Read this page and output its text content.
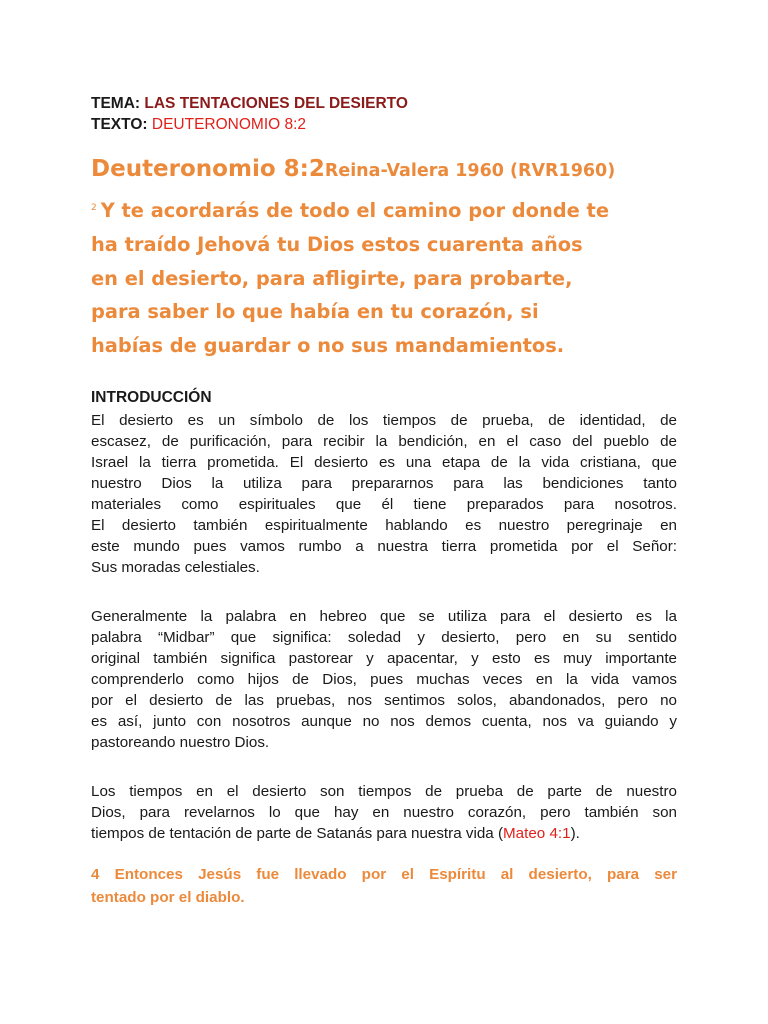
TEMA: LAS TENTACIONES DEL DESIERTO
TEXTO: DEUTERONOMIO 8:2
Deuteronomio 8:2Reina-Valera 1960 (RVR1960)
$^2$ Y te acordarás de todo el camino por donde te
ha traído Jehová tu Dios estos cuarenta años
en el desierto, para afligirte, para probarte,
para saber lo que había en tu corazón, si
habías de guardar o no sus mandamientos.
INTRODUCCIÓN
El desierto es un símbolo de los tiempos de prueba, de identidad, de
escasez, de purificación, para recibir la bendición, en el caso del pueblo de
Israel la tierra prometida. El desierto es una etapa de la vida cristiana, que
nuestro Dios la utiliza para prepararnos para las bendiciones tanto
materiales como espirituales que él tiene preparados para nosotros.
El desierto también espiritualmente hablando es nuestro peregrinaje en
este mundo pues vamos rumbo a nuestra tierra prometida por el Señor:
Sus moradas celestiales.
Generalmente la palabra en hebreo que se utiliza para el desierto es la
palabra “Midbar” que significa: soledad y desierto, pero en su sentido
original también significa pastorear y apacentar, y esto es muy importante
comprenderlo como hijos de Dios, pues muchas veces en la vida vamos
por el desierto de las pruebas, nos sentimos solos, abandonados, pero no
es así, junto con nosotros aunque no nos demos cuenta, nos va guiando y
pastoreando nuestro Dios.
Los tiempos en el desierto son tiempos de prueba de parte de nuestro
Dios, para revelarnos lo que hay en nuestro corazón, pero también son
tiempos de tentación de parte de Satanás para nuestra vida (Mateo 4:1).
4 Entonces Jesús fue llevado por el Espíritu al desierto, para ser
tentado por el diablo.
